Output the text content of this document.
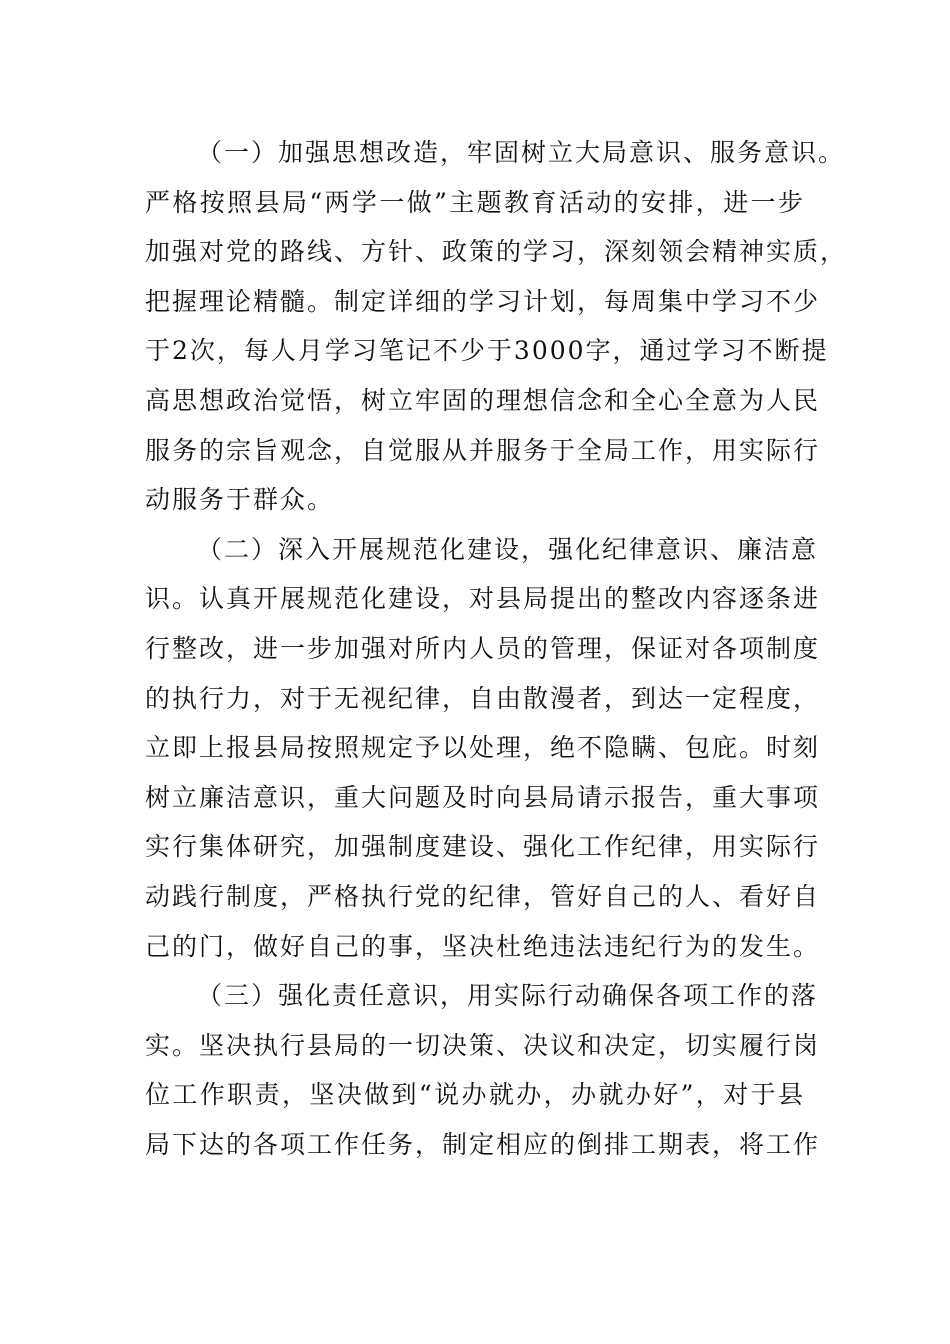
（一）加强思想改造，牢固树立大局意识、服务意识。
严格按照县局“两学一做”主题教育活动的安排，进一步
加强对党的路线、方针、政策的学习，深刻领会精神实质，
把握理论精髓。制定详细的学习计划，每周集中学习不少
于2次，每人月学习笔记不少于3000字，通过学习不断提
高思想政治觉悟，树立牢固的理想信念和全心全意为人民
服务的宗旨观念，自觉服从并服务于全局工作，用实际行
动服务于群众。
（二）深入开展规范化建设，强化纪律意识、廉洁意
识。认真开展规范化建设，对县局提出的整改内容逐条进
行整改，进一步加强对所内人员的管理，保证对各项制度
的执行力，对于无视纪律，自由散漫者，到达一定程度，
立即上报县局按照规定予以处理，绝不隐瞒、包庇。时刻
树立廉洁意识，重大问题及时向县局请示报告，重大事项
实行集体研究，加强制度建设、强化工作纪律，用实际行
动践行制度，严格执行党的纪律，管好自己的人、看好自
己的门，做好自己的事，坚决杜绝违法违纪行为的发生。
（三）强化责任意识，用实际行动确保各项工作的落
实。坚决执行县局的一切决策、决议和决定，切实履行岗
位工作职责，坚决做到“说办就办，办就办好”，对于县
局下达的各项工作任务，制定相应的倒排工期表，将工作
